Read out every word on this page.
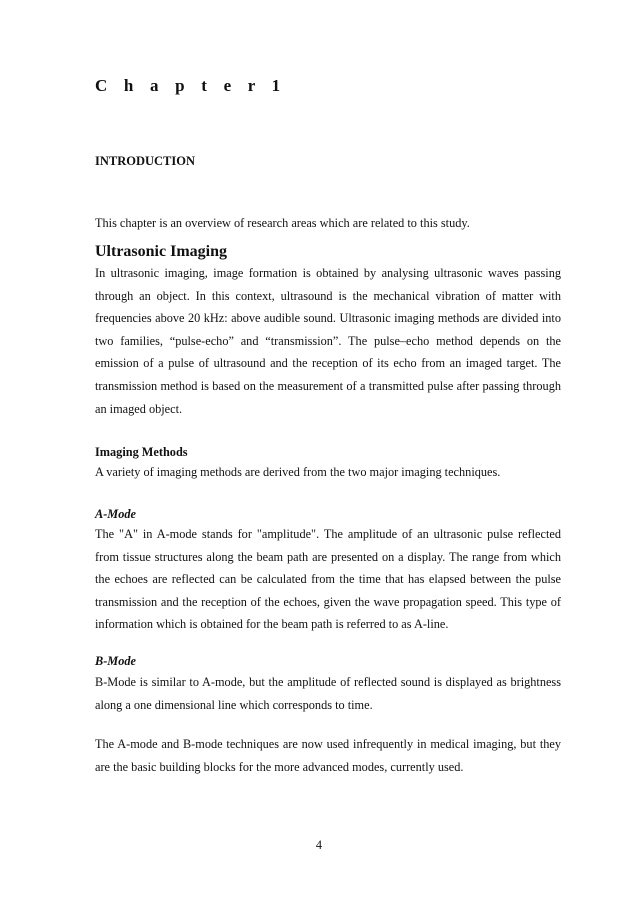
C h a p t e r 1
INTRODUCTION

This chapter is an overview of research areas which are related to this study.

Ultrasonic Imaging

In ultrasonic imaging, image formation is obtained by analysing ultrasonic waves passing through an object. In this context, ultrasound is the mechanical vibration of matter with frequencies above 20 kHz: above audible sound. Ultrasonic imaging methods are divided into two families, “pulse-echo” and “transmission”. The pulse–echo method depends on the emission of a pulse of ultrasound and the reception of its echo from an imaged target. The transmission method is based on the measurement of a transmitted pulse after passing through an imaged object.

Imaging Methods

A variety of imaging methods are derived from the two major imaging techniques.

A-Mode

The "A" in A-mode stands for "amplitude". The amplitude of an ultrasonic pulse reflected from tissue structures along the beam path are presented on a display. The range from which the echoes are reflected can be calculated from the time that has elapsed between the pulse transmission and the reception of the echoes, given the wave propagation speed. This type of information which is obtained for the beam path is referred to as A-line.

B-Mode

B-Mode is similar to A-mode, but the amplitude of reflected sound is displayed as brightness along a one dimensional line which corresponds to time.

The A-mode and B-mode techniques are now used infrequently in medical imaging, but they are the basic building blocks for the more advanced modes, currently used.

4
